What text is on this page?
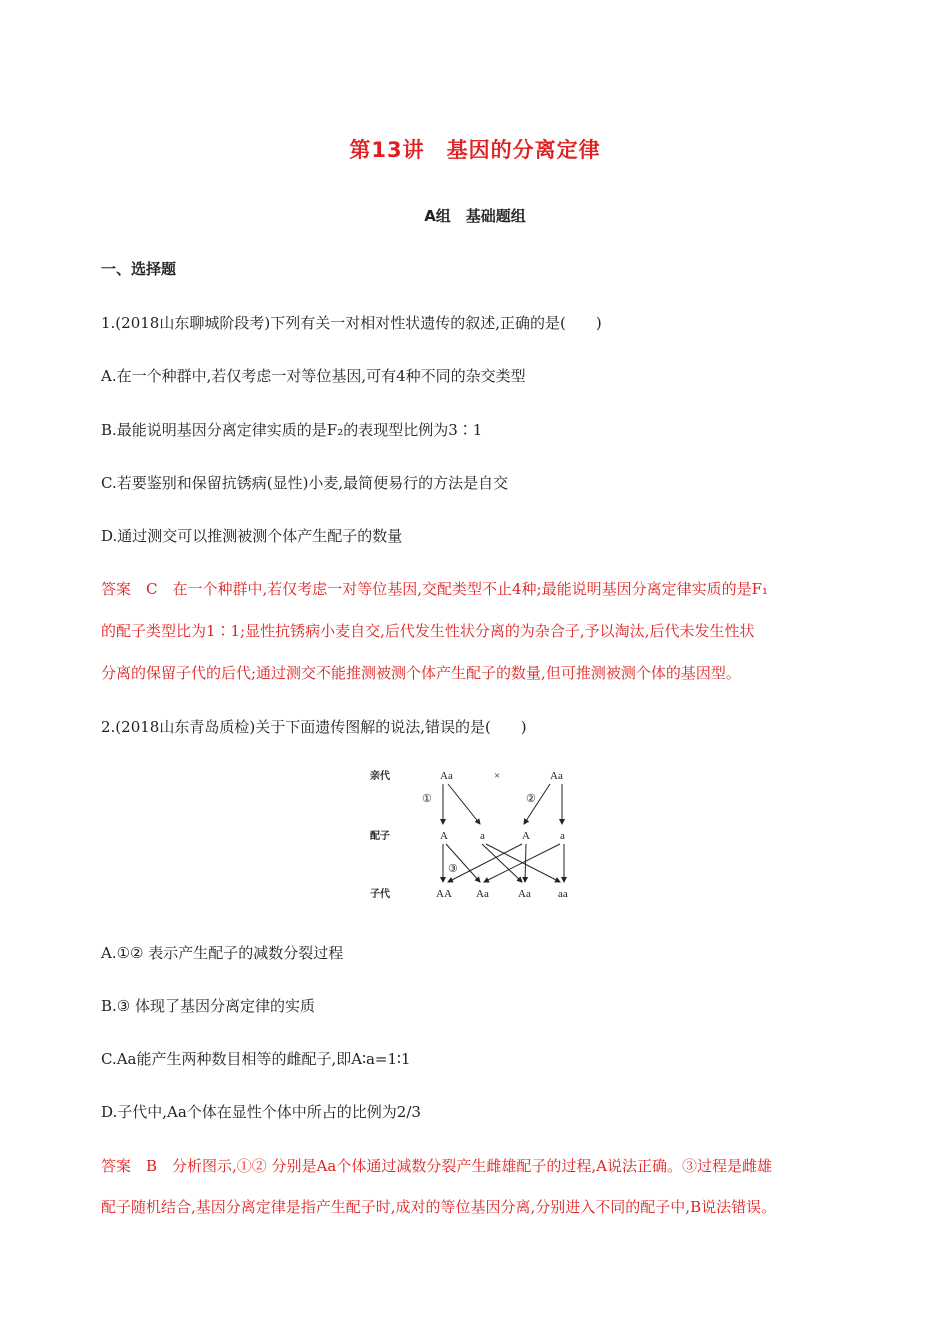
第13讲　基因的分离定律
A组　基础题组
一、选择题
1.(2018山东聊城阶段考)下列有关一对相对性状遗传的叙述,正确的是(　　)
A.在一个种群中,若仅考虑一对等位基因,可有4种不同的杂交类型
B.最能说明基因分离定律实质的是F₂的表现型比例为3∶1
C.若要鉴别和保留抗锈病(显性)小麦,最简便易行的方法是自交
D.通过测交可以推测被测个体产生配子的数量
答案　C　在一个种群中,若仅考虑一对等位基因,交配类型不止4种;最能说明基因分离定律实质的是F₁
的配子类型比为1∶1;显性抗锈病小麦自交,后代发生性状分离的为杂合子,予以淘汰,后代未发生性状
分离的保留子代的后代;通过测交不能推测被测个体产生配子的数量,但可推测被测个体的基因型。
2.(2018山东青岛质检)关于下面遗传图解的说法,错误的是(　　)
亲代
配子
子代
Aa	×	Aa
①	②
③
A	a	A	a
AA Aa	Aa aa
A.①② 表示产生配子的减数分裂过程
B.③ 体现了基因分离定律的实质
C.Aa能产生两种数目相等的雌配子,即A∶a=1∶1
D.子代中,Aa个体在显性个体中所占的比例为2/3
答案　B　分析图示,①② 分别是Aa个体通过减数分裂产生雌雄配子的过程,A说法正确。③过程是雌雄
配子随机结合,基因分离定律是指产生配子时,成对的等位基因分离,分别进入不同的配子中,B说法错误。
